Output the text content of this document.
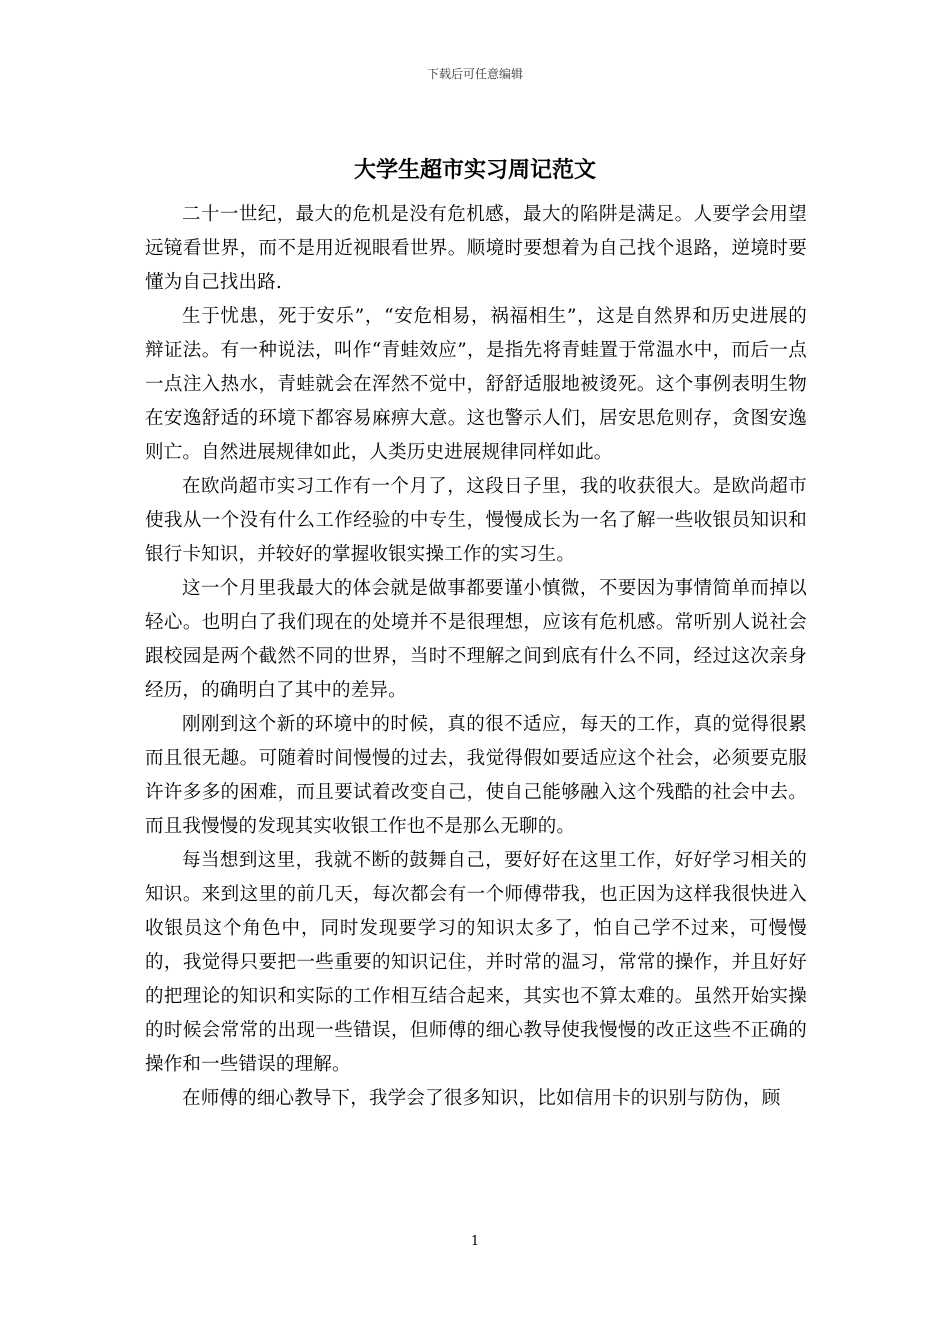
下载后可任意编辑
大学生超市实习周记范文

二十一世纪，最大的危机是没有危机感，最大的陷阱是满足。人要学会用望远镜看世界，而不是用近视眼看世界。顺境时要想着为自己找个退路，逆境时要懂为自己找出路.

生于忧患，死于安乐”，“安危相易，祸福相生”，这是自然界和历史进展的辩证法。有一种说法，叫作“青蛙效应”，是指先将青蛙置于常温水中，而后一点一点注入热水，青蛙就会在浑然不觉中，舒舒适服地被烫死。这个事例表明生物在安逸舒适的环境下都容易麻痹大意。这也警示人们，居安思危则存，贪图安逸则亡。自然进展规律如此，人类历史进展规律同样如此。

在欧尚超市实习工作有一个月了，这段日子里，我的收获很大。是欧尚超市使我从一个没有什么工作经验的中专生，慢慢成长为一名了解一些收银员知识和银行卡知识，并较好的掌握收银实操工作的实习生。

这一个月里我最大的体会就是做事都要谨小慎微，不要因为事情简单而掉以轻心。也明白了我们现在的处境并不是很理想，应该有危机感。常听别人说社会跟校园是两个截然不同的世界，当时不理解之间到底有什么不同，经过这次亲身经历，的确明白了其中的差异。

刚刚到这个新的环境中的时候，真的很不适应，每天的工作，真的觉得很累而且很无趣。可随着时间慢慢的过去，我觉得假如要适应这个社会，必须要克服许许多多的困难，而且要试着改变自己，使自己能够融入这个残酷的社会中去。而且我慢慢的发现其实收银工作也不是那么无聊的。

每当想到这里，我就不断的鼓舞自己，要好好在这里工作，好好学习相关的知识。来到这里的前几天，每次都会有一个师傅带我，也正因为这样我很快进入收银员这个角色中，同时发现要学习的知识太多了，怕自己学不过来，可慢慢的，我觉得只要把一些重要的知识记住，并时常的温习，常常的操作，并且好好的把理论的知识和实际的工作相互结合起来，其实也不算太难的。虽然开始实操的时候会常常的出现一些错误，但师傅的细心教导使我慢慢的改正这些不正确的操作和一些错误的理解。

在师傅的细心教导下，我学会了很多知识，比如信用卡的识别与防伪，顾

1
